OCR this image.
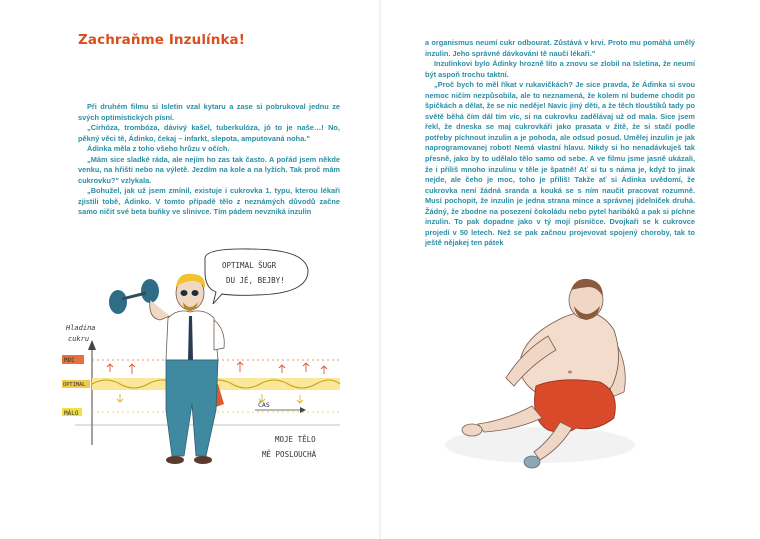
Zachraňme Inzulínka!

Při druhém filmu si Isletin vzal kytaru a zase si pobrukoval jednu ze svých optimistických písní.

„Cirhóza, trombóza, dávivý kašel, tuberkulóza, jó to je naše…! No, pěkný věci tě, Ádinko, čekaj – infarkt, slepota, amputovaná noha."

Ádinka měla z toho všeho hrůzu v očích.

„Mám sice sladké ráda, ale nejím ho zas tak často. A pořád jsem někde venku, na hřišti nebo na výletě. Jezdím na kole a na lyžích. Tak proč mám cukrovku?" vzlykala.

„Bohužel, jak už jsem zmínil, existuje i cukrovka 1. typu, kterou lékaři zjistili tobě, Ádinko. V tomto případě tělo z neznámých důvodů začne samo ničit své beta buňky ve slinivce. Tím pádem nevzniká inzulin

a organismus neumí cukr odbourat. Zůstává v krvi. Proto mu pomáhá umělý inzulin. Jeho správné dávkování tě naučí lékaři."

Inzulínkovi bylo Ádinky hrozně líto a znovu se zlobil na Isletina, že neumí být aspoň trochu taktní.

„Proč bych to měl říkat v rukavičkách? Je sice pravda, že Ádinka si svou nemoc ničím nezpůsobila, ale to neznamená, že kolem ní budeme chodit po špičkách a dělat, že se nic neděje! Navíc jiný děti, a že těch tlouštíků tady po světě běhá čím dál tím víc, si na cukrovku zadělávaj už od mala. Sice jsem řekl, že dneska se maj cukrovkáři jako prasata v žitě, že si stačí podle potřeby píchnout inzulin a je pohoda, ale odsud posud. Umělej inzulin je jak naprogramovanej robot! Nemá vlastní hlavu. Nikdy si ho nenadávkuješ tak přesně, jako by to udělalo tělo samo od sebe. A ve filmu jsme jasně ukázali, že i příliš mnoho inzulinu v těle je špatně! Ať si tu s náma je, když to jinak nejde, ale čeho je moc, toho je příliš! Takže ať si Ádinka uvědomí, že cukrovka není žádná sranda a kouká se s ním naučit pracovat rozumně. Musí pochopit, že inzulin je jedna strana mince a správnej jídelníček druhá. Žádný, že zbodne na posezení čokoládu nebo pytel haribáků a pak si píchne inzulin. To pak dopadne jako v tý mojí písničce. Dvojkaři se k cukrovce projedí v 50 letech. Než se pak začnou projevovat spojený choroby, tak to ještě nějakej ten pátek

MOC
OPTIMAL
MÁLO
Hladina
cukru
ČAS
OPTIMAL ŠUGR
DU JÉ, BEJBY!
MOJE TĚLO
MĚ POSLOUCHÁ
